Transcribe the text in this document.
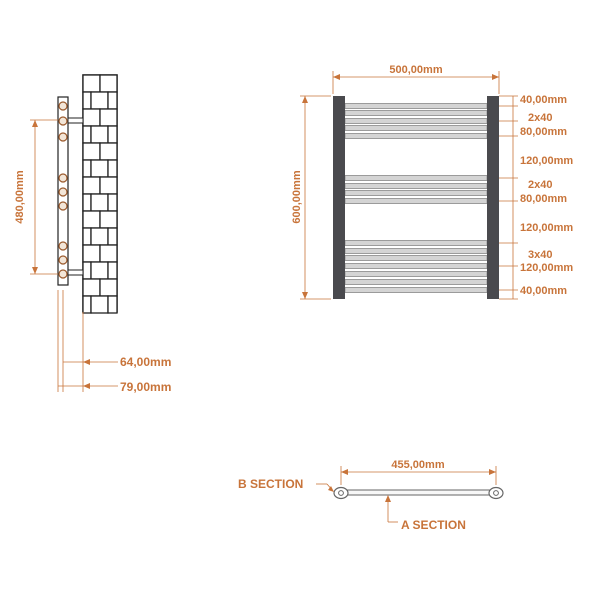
480,00mm
64,00mm
79,00mm
500,00mm
600,00mm
40,00mm
2x40
80,00mm
120,00mm
2x40
80,00mm
120,00mm
3x40
120,00mm
40,00mm
455,00mm
B SECTION
A SECTION
